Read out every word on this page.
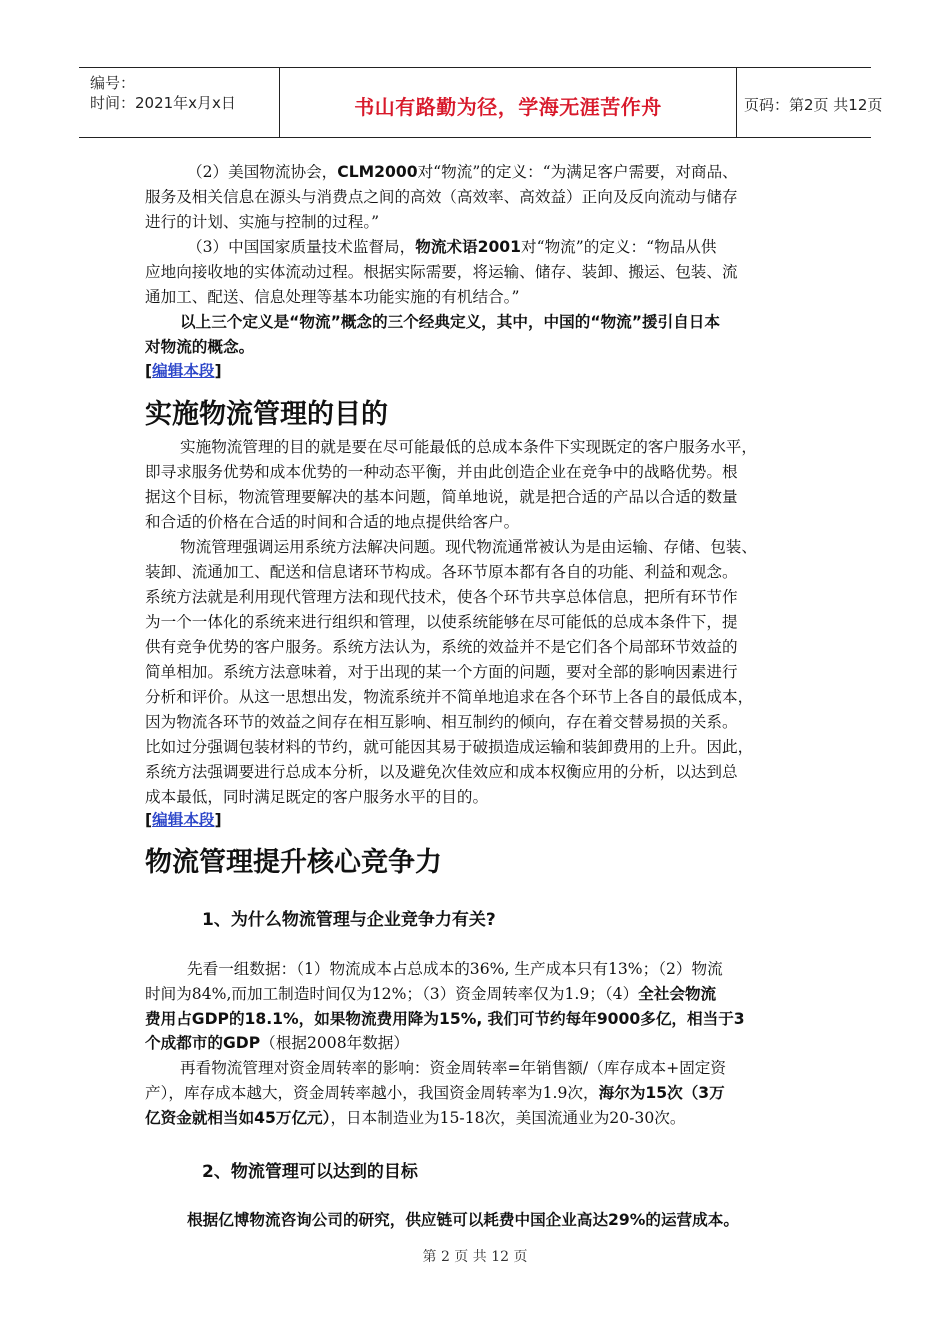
编号：
时间：2021年x月x日	书山有路勤为径，学海无涯苦作舟	页码：第2页 共12页
（2）美国物流协会，CLM2000对“物流”的定义：“为满足客户需要，对商品、
服务及相关信息在源头与消费点之间的高效（高效率、高效益）正向及反向流动与储存
进行的计划、实施与控制的过程。”
（3）中国国家质量技术监督局，物流术语2001对“物流”的定义：“物品从供
应地向接收地的实体流动过程。根据实际需要，将运输、储存、装卸、搬运、包装、流
通加工、配送、信息处理等基本功能实施的有机结合。”
以上三个定义是“物流”概念的三个经典定义，其中，中国的“物流”援引自日本
对物流的概念。
[编辑本段]
实施物流管理的目的
实施物流管理的目的就是要在尽可能最低的总成本条件下实现既定的客户服务水平，
即寻求服务优势和成本优势的一种动态平衡，并由此创造企业在竞争中的战略优势。根
据这个目标，物流管理要解决的基本问题，简单地说，就是把合适的产品以合适的数量
和合适的价格在合适的时间和合适的地点提供给客户。
物流管理强调运用系统方法解决问题。现代物流通常被认为是由运输、存储、包装、
装卸、流通加工、配送和信息诸环节构成。各环节原本都有各自的功能、利益和观念。
系统方法就是利用现代管理方法和现代技术，使各个环节共享总体信息，把所有环节作
为一个一体化的系统来进行组织和管理，以使系统能够在尽可能低的总成本条件下，提
供有竞争优势的客户服务。系统方法认为，系统的效益并不是它们各个局部环节效益的
简单相加。系统方法意味着，对于出现的某一个方面的问题，要对全部的影响因素进行
分析和评价。从这一思想出发，物流系统并不简单地追求在各个环节上各自的最低成本，
因为物流各环节的效益之间存在相互影响、相互制约的倾向，存在着交替易损的关系。
比如过分强调包装材料的节约，就可能因其易于破损造成运输和装卸费用的上升。因此，
系统方法强调要进行总成本分析，以及避免次佳效应和成本权衡应用的分析，以达到总
成本最低，同时满足既定的客户服务水平的目的。
[编辑本段]
物流管理提升核心竞争力
1、为什么物流管理与企业竞争力有关?
先看一组数据：（1）物流成本占总成本的36%, 生产成本只有13%；（2）物流
时间为84%,而加工制造时间仅为12%；（3）资金周转率仅为1.9；（4）全社会物流
费用占GDP的18.1%，如果物流费用降为15%, 我们可节约每年9000多亿，相当于3
个成都市的GDP（根据2008年数据）
再看物流管理对资金周转率的影响：资金周转率=年销售额/（库存成本+固定资
产），库存成本越大，资金周转率越小，我国资金周转率为1.9次，海尔为15次（3万
亿资金就相当如45万亿元），日本制造业为15-18次，美国流通业为20-30次。
2、物流管理可以达到的目标
根据亿博物流咨询公司的研究，供应链可以耗费中国企业高达29%的运营成本。
第 2 页 共 12 页
